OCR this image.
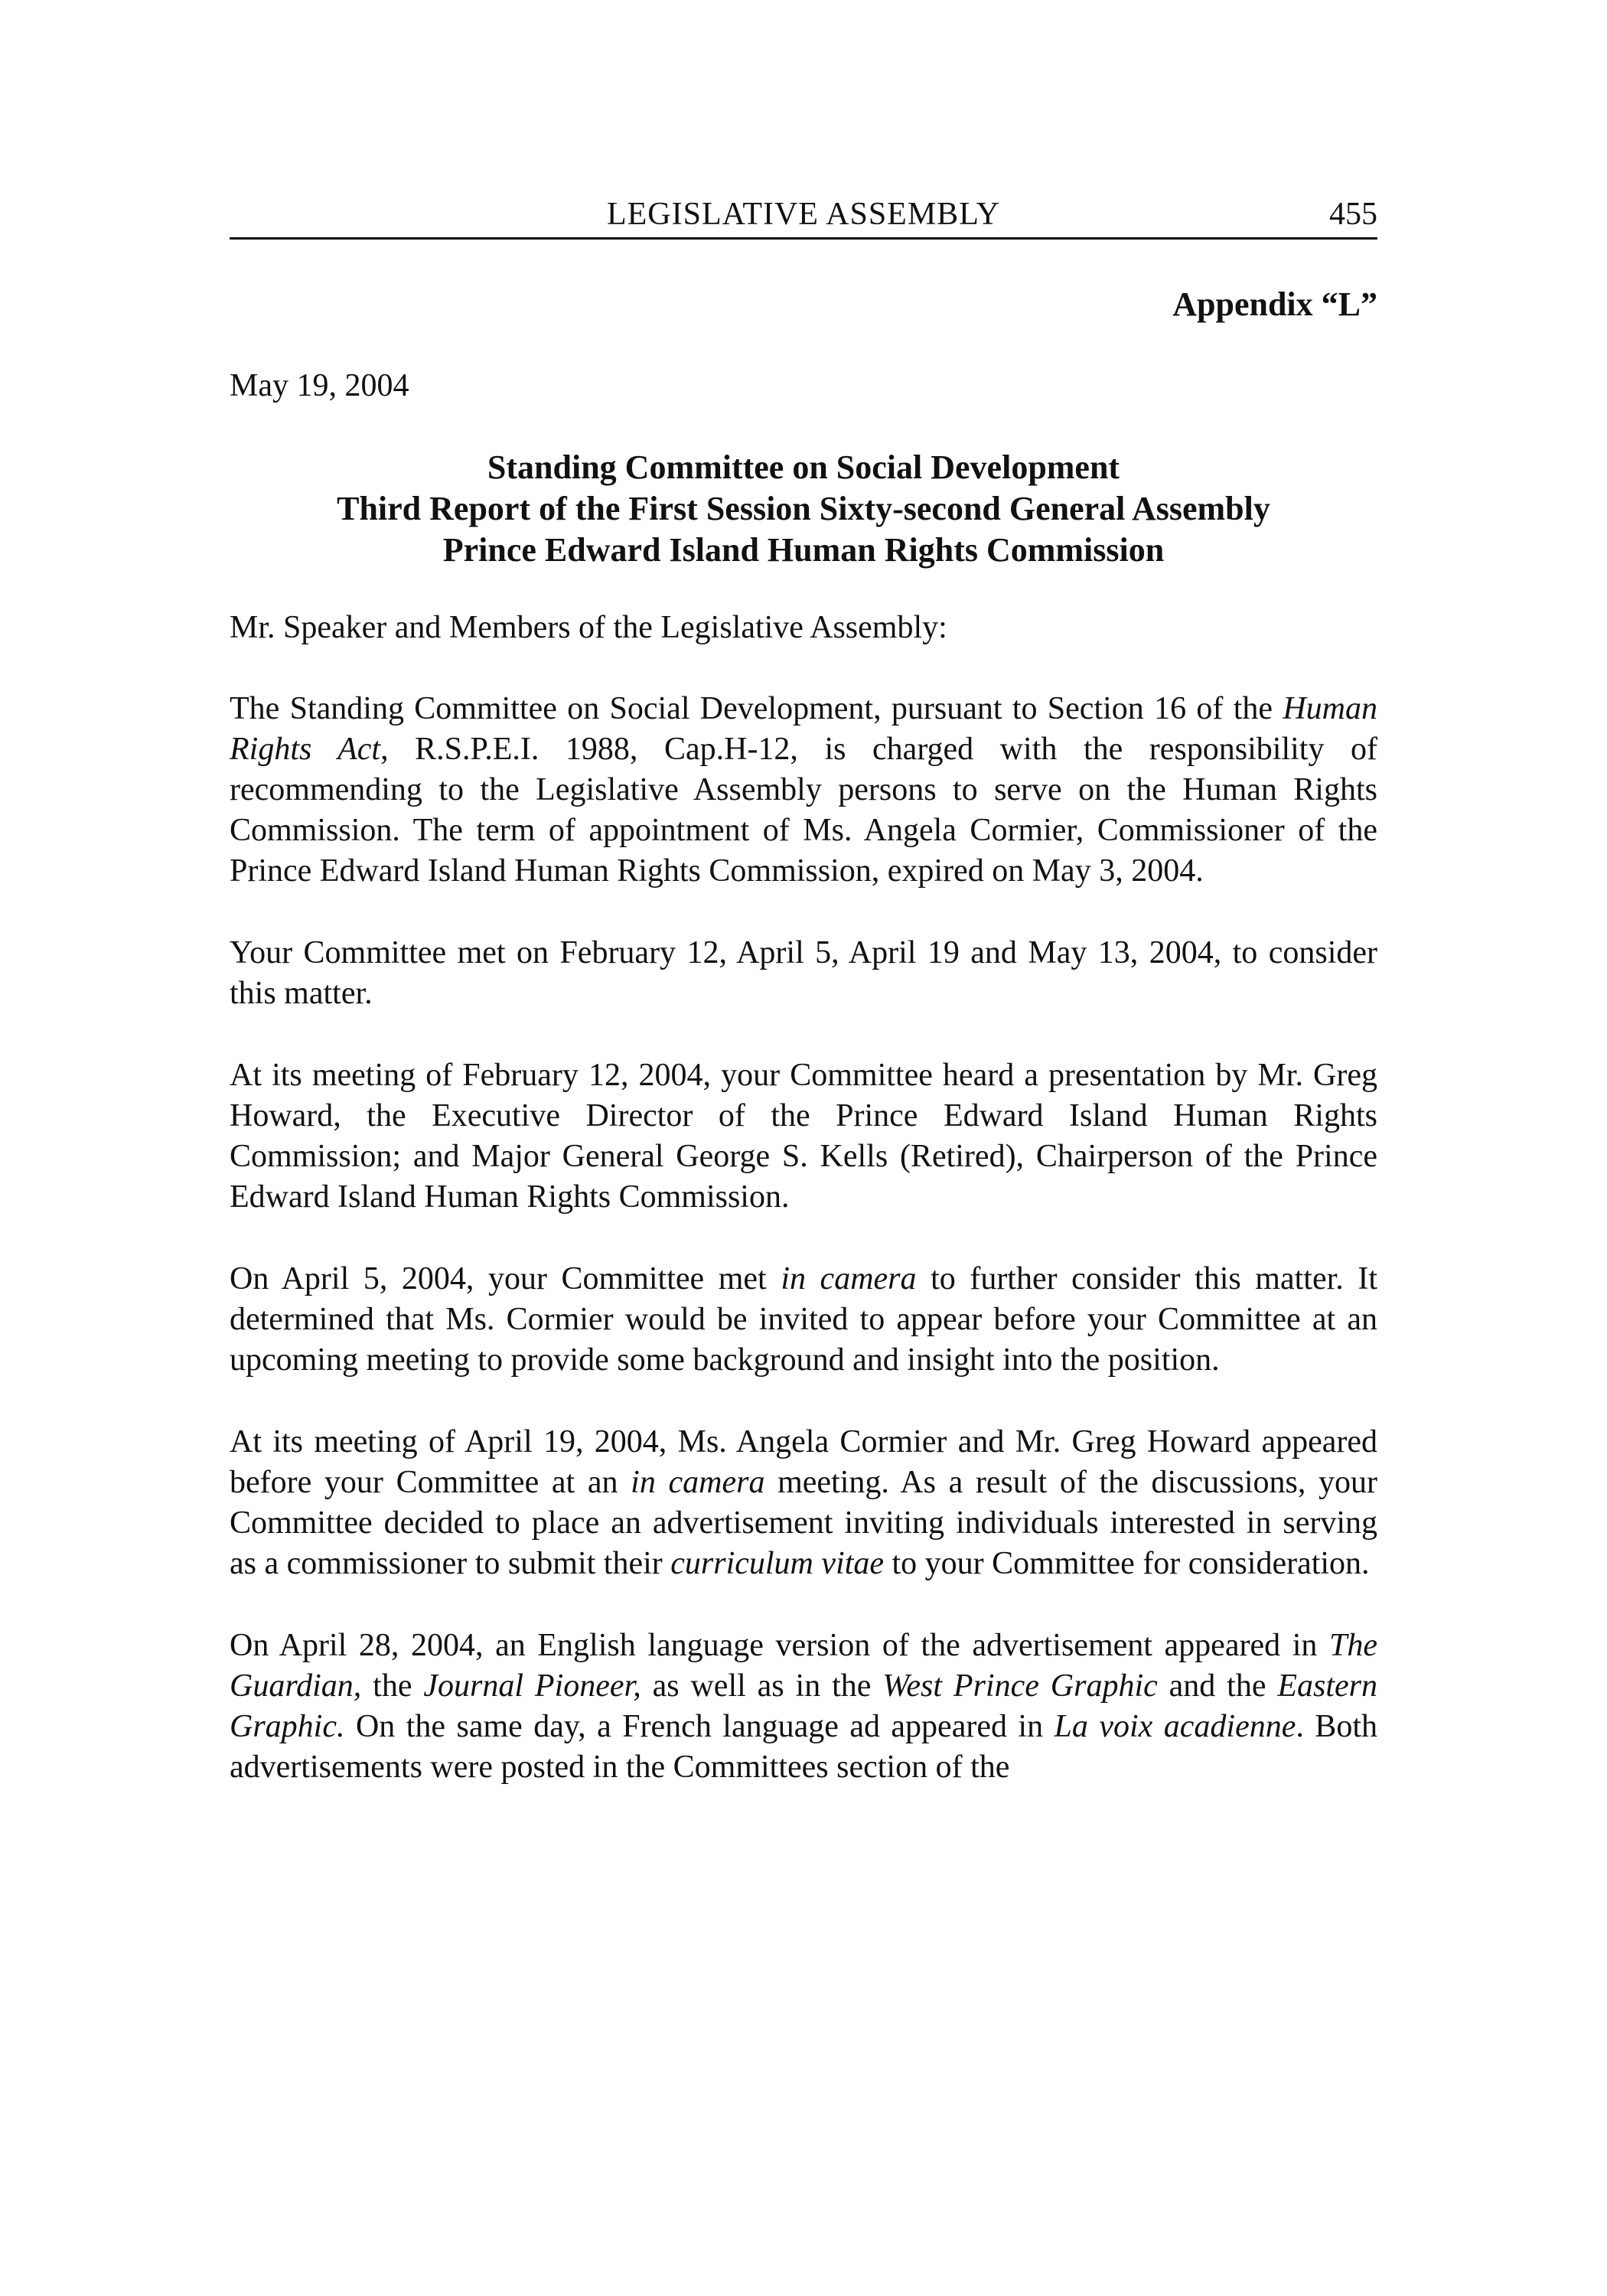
LEGISLATIVE ASSEMBLY	455
Appendix “L”
May 19, 2004
Standing Committee on Social Development
Third Report of the First Session Sixty-second General Assembly
Prince Edward Island Human Rights Commission
Mr. Speaker and Members of the Legislative Assembly:

The Standing Committee on Social Development, pursuant to Section 16 of the Human Rights Act, R.S.P.E.I. 1988, Cap.H-12, is charged with the responsibility of recommending to the Legislative Assembly persons to serve on the Human Rights Commission. The term of appointment of Ms. Angela Cormier, Commissioner of the Prince Edward Island Human Rights Commission, expired on May 3, 2004.

Your Committee met on February 12, April 5, April 19 and May 13, 2004, to consider this matter.

At its meeting of February 12, 2004, your Committee heard a presentation by Mr. Greg Howard, the Executive Director of the Prince Edward Island Human Rights Commission; and Major General George S. Kells (Retired), Chairperson of the Prince Edward Island Human Rights Commission.

On April 5, 2004, your Committee met in camera to further consider this matter. It determined that Ms. Cormier would be invited to appear before your Committee at an upcoming meeting to provide some background and insight into the position.

At its meeting of April 19, 2004, Ms. Angela Cormier and Mr. Greg Howard appeared before your Committee at an in camera meeting. As a result of the discussions, your Committee decided to place an advertisement inviting individuals interested in serving as a commissioner to submit their curriculum vitae to your Committee for consideration.

On April 28, 2004, an English language version of the advertisement appeared in The Guardian, the Journal Pioneer, as well as in the West Prince Graphic and the Eastern Graphic. On the same day, a French language ad appeared in La voix acadienne. Both advertisements were posted in the Committees section of the
